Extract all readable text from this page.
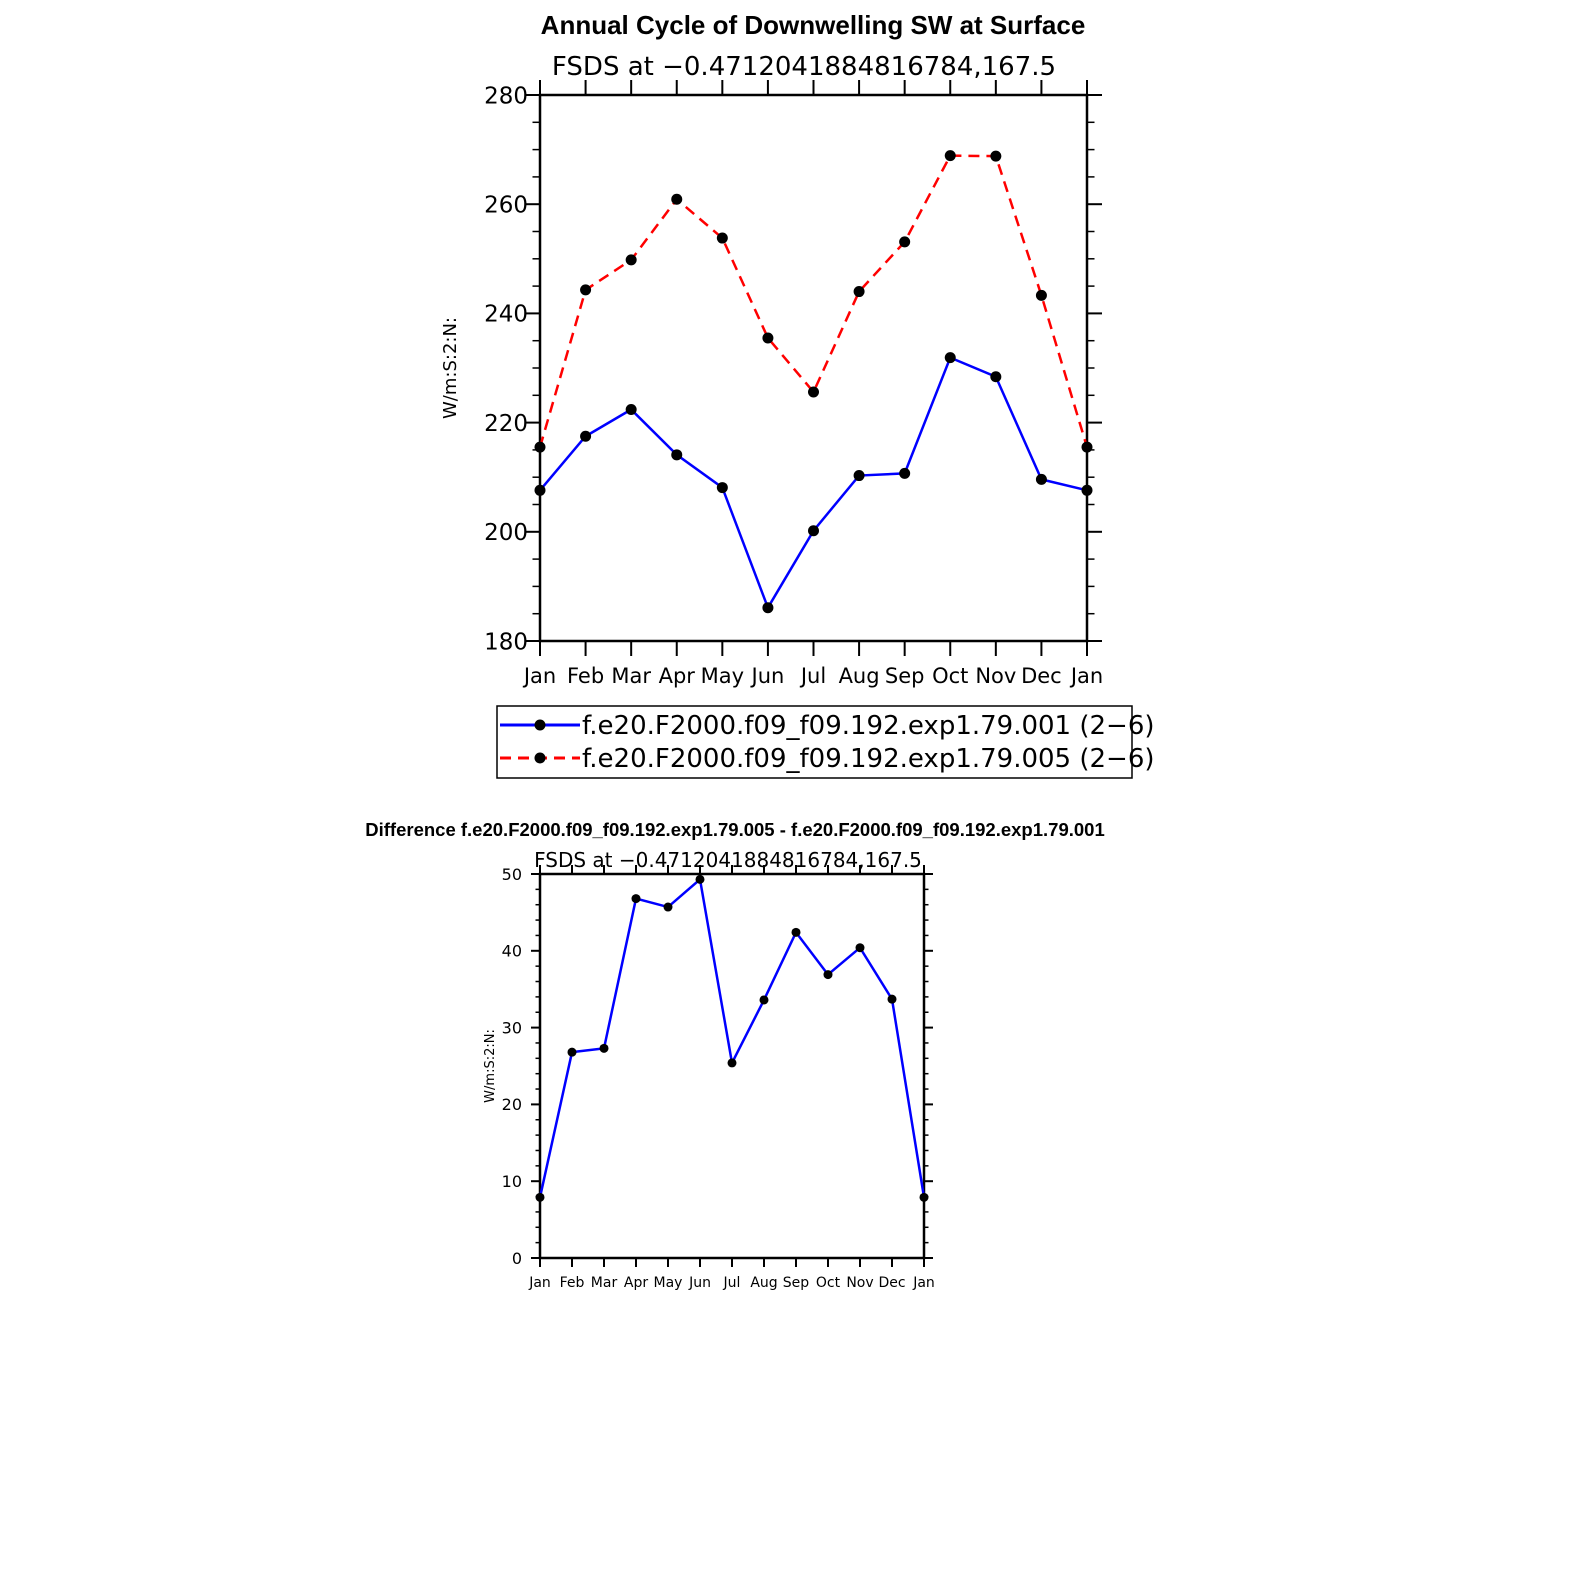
Annual Cycle of Downwelling SW at Surface
FSDS at −0.4712041884816784,167.5
W/m:S:2:N:
Jan Feb Mar Apr May Jun Jul Aug Sep Oct Nov Dec Jan
180
200
220
240
260
280
f.e20.F2000.f09_f09.192.exp1.79.001 (2−6)
f.e20.F2000.f09_f09.192.exp1.79.005 (2−6)
Difference f.e20.F2000.f09_f09.192.exp1.79.005 - f.e20.F2000.f09_f09.192.exp1.79.001
FSDS at −0.4712041884816784,167.5
W/m:S:2:N:
Jan Feb Mar Apr May Jun Jul Aug Sep Oct Nov Dec Jan
0
10
20
30
40
50
